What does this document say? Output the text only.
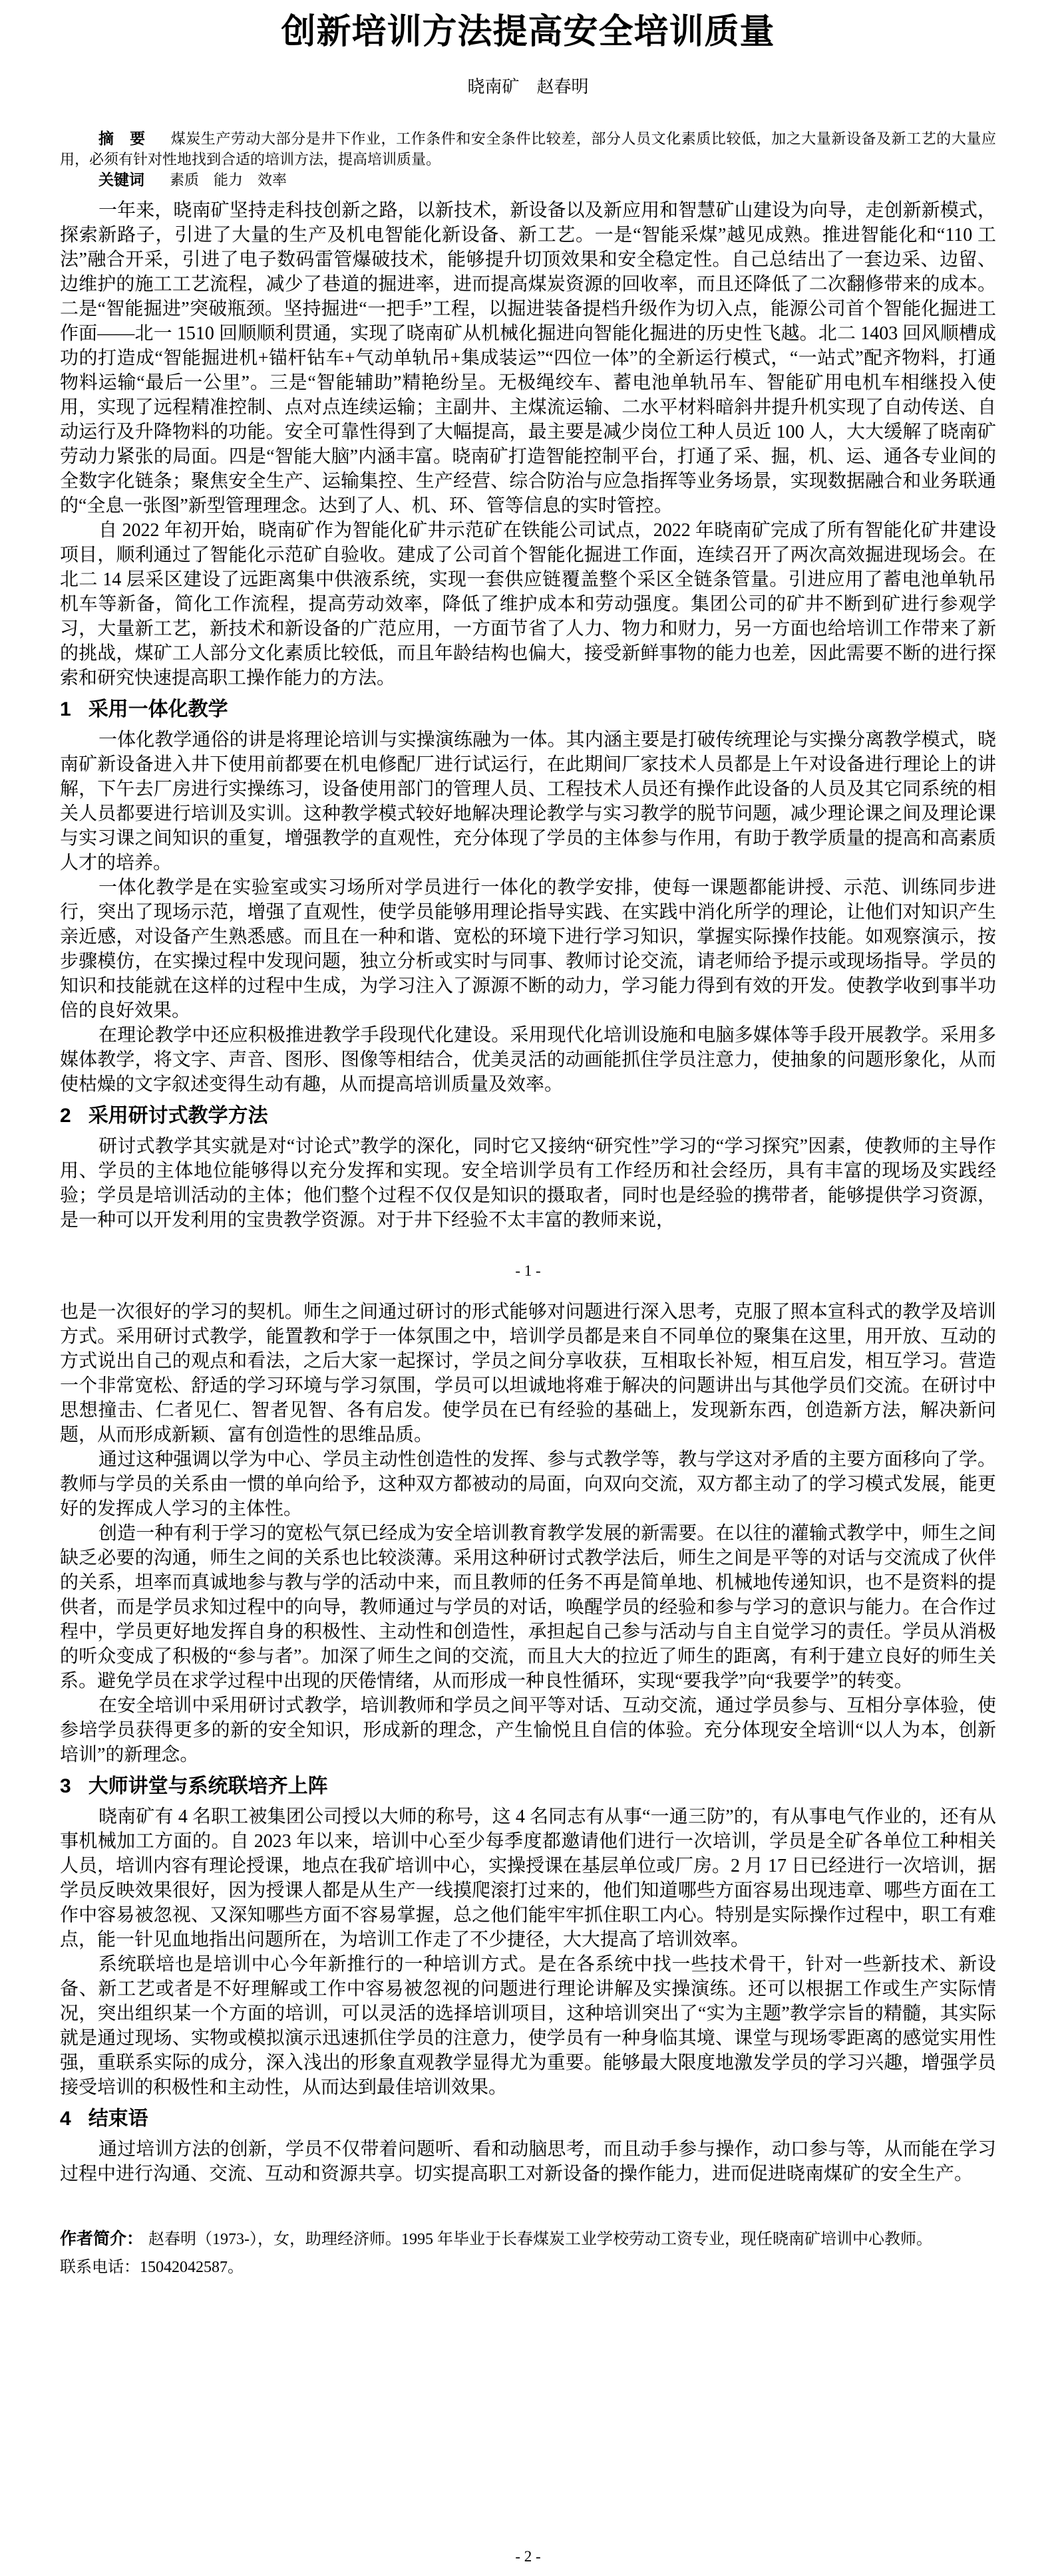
创新培训方法提高安全培训质量
晓南矿　赵春明

摘　要 煤炭生产劳动大部分是井下作业，工作条件和安全条件比较差，部分人员文化素质比较低，加之大量新设备及新工艺的大量应用，必须有针对性地找到合适的培训方法，提高培训质量。

关键词 素质　能力　效率

一年来，晓南矿坚持走科技创新之路，以新技术，新设备以及新应用和智慧矿山建设为向导，走创新新模式，探索新路子，引进了大量的生产及机电智能化新设备、新工艺。一是“智能采煤”越见成熟。推进智能化和“110 工法”融合开采，引进了电子数码雷管爆破技术，能够提升切顶效果和安全稳定性。自己总结出了一套边采、边留、边维护的施工工艺流程，减少了巷道的掘进率，进而提高煤炭资源的回收率，而且还降低了二次翻修带来的成本。二是“智能掘进”突破瓶颈。坚持掘进“一把手”工程，以掘进装备提档升级作为切入点，能源公司首个智能化掘进工作面——北一 1510 回顺顺利贯通，实现了晓南矿从机械化掘进向智能化掘进的历史性飞越。北二 1403 回风顺槽成功的打造成“智能掘进机+锚杆钻车+气动单轨吊+集成装运”“四位一体”的全新运行模式，“一站式”配齐物料，打通物料运输“最后一公里”。三是“智能辅助”精艳纷呈。无极绳绞车、蓄电池单轨吊车、智能矿用电机车相继投入使用，实现了远程精准控制、点对点连续运输；主副井、主煤流运输、二水平材料暗斜井提升机实现了自动传送、自动运行及升降物料的功能。安全可靠性得到了大幅提高，最主要是减少岗位工种人员近 100 人，大大缓解了晓南矿劳动力紧张的局面。四是“智能大脑”内涵丰富。晓南矿打造智能控制平台，打通了采、掘，机、运、通各专业间的全数字化链条；聚焦安全生产、运输集控、生产经营、综合防治与应急指挥等业务场景，实现数据融合和业务联通的“全息一张图”新型管理理念。达到了人、机、环、管等信息的实时管控。

自 2022 年初开始，晓南矿作为智能化矿井示范矿在铁能公司试点，2022 年晓南矿完成了所有智能化矿井建设项目，顺利通过了智能化示范矿自验收。建成了公司首个智能化掘进工作面，连续召开了两次高效掘进现场会。在北二 14 层采区建设了远距离集中供液系统，实现一套供应链覆盖整个采区全链条管量。引进应用了蓄电池单轨吊机车等新备，简化工作流程，提高劳动效率，降低了维护成本和劳动强度。集团公司的矿井不断到矿进行参观学习，大量新工艺，新技术和新设备的广范应用，一方面节省了人力、物力和财力，另一方面也给培训工作带来了新的挑战，煤矿工人部分文化素质比较低，而且年龄结构也偏大，接受新鲜事物的能力也差，因此需要不断的进行探索和研究快速提高职工操作能力的方法。

1 采用一体化教学

一体化教学通俗的讲是将理论培训与实操演练融为一体。其内涵主要是打破传统理论与实操分离教学模式，晓南矿新设备进入井下使用前都要在机电修配厂进行试运行，在此期间厂家技术人员都是上午对设备进行理论上的讲解，下午去厂房进行实操练习，设备使用部门的管理人员、工程技术人员还有操作此设备的人员及其它同系统的相关人员都要进行培训及实训。这种教学模式较好地解决理论教学与实习教学的脱节问题，减少理论课之间及理论课与实习课之间知识的重复，增强教学的直观性，充分体现了学员的主体参与作用，有助于教学质量的提高和高素质人才的培养。

一体化教学是在实验室或实习场所对学员进行一体化的教学安排，使每一课题都能讲授、示范、训练同步进行，突出了现场示范，增强了直观性，使学员能够用理论指导实践、在实践中消化所学的理论，让他们对知识产生亲近感，对设备产生熟悉感。而且在一种和谐、宽松的环境下进行学习知识，掌握实际操作技能。如观察演示，按步骤模仿，在实操过程中发现问题，独立分析或实时与同事、教师讨论交流，请老师给予提示或现场指导。学员的知识和技能就在这样的过程中生成，为学习注入了源源不断的动力，学习能力得到有效的开发。使教学收到事半功倍的良好效果。

在理论教学中还应积极推进教学手段现代化建设。采用现代化培训设施和电脑多媒体等手段开展教学。采用多媒体教学，将文字、声音、图形、图像等相结合，优美灵活的动画能抓住学员注意力，使抽象的问题形象化，从而使枯燥的文字叙述变得生动有趣，从而提高培训质量及效率。

2 采用研讨式教学方法

研讨式教学其实就是对“讨论式”教学的深化，同时它又接纳“研究性”学习的“学习探究”因素，使教师的主导作用、学员的主体地位能够得以充分发挥和实现。安全培训学员有工作经历和社会经历，具有丰富的现场及实践经验；学员是培训活动的主体；他们整个过程不仅仅是知识的摄取者，同时也是经验的携带者，能够提供学习资源，是一种可以开发利用的宝贵教学资源。对于井下经验不太丰富的教师来说，

- 1 -

也是一次很好的学习的契机。师生之间通过研讨的形式能够对问题进行深入思考，克服了照本宣科式的教学及培训方式。采用研讨式教学，能置教和学于一体氛围之中，培训学员都是来自不同单位的聚集在这里，用开放、互动的方式说出自己的观点和看法，之后大家一起探讨，学员之间分享收获，互相取长补短，相互启发，相互学习。营造一个非常宽松、舒适的学习环境与学习氛围，学员可以坦诚地将难于解决的问题讲出与其他学员们交流。在研讨中思想撞击、仁者见仁、智者见智、各有启发。使学员在已有经验的基础上，发现新东西，创造新方法，解决新问题，从而形成新颖、富有创造性的思维品质。

通过这种强调以学为中心、学员主动性创造性的发挥、参与式教学等，教与学这对矛盾的主要方面移向了学。教师与学员的关系由一惯的单向给予，这种双方都被动的局面，向双向交流，双方都主动了的学习模式发展，能更好的发挥成人学习的主体性。

创造一种有利于学习的宽松气氛已经成为安全培训教育教学发展的新需要。在以往的灌输式教学中，师生之间缺乏必要的沟通，师生之间的关系也比较淡薄。采用这种研讨式教学法后，师生之间是平等的对话与交流成了伙伴的关系，坦率而真诚地参与教与学的活动中来，而且教师的任务不再是简单地、机械地传递知识，也不是资料的提供者，而是学员求知过程中的向导，教师通过与学员的对话，唤醒学员的经验和参与学习的意识与能力。在合作过程中，学员更好地发挥自身的积极性、主动性和创造性，承担起自己参与活动与自主自觉学习的责任。学员从消极的听众变成了积极的“参与者”。加深了师生之间的交流，而且大大的拉近了师生的距离，有利于建立良好的师生关系。避免学员在求学过程中出现的厌倦情绪，从而形成一种良性循环，实现“要我学”向“我要学”的转变。

在安全培训中采用研讨式教学，培训教师和学员之间平等对话、互动交流，通过学员参与、互相分享体验，使参培学员获得更多的新的安全知识，形成新的理念，产生愉悦且自信的体验。充分体现安全培训“以人为本，创新培训”的新理念。

3 大师讲堂与系统联培齐上阵

晓南矿有 4 名职工被集团公司授以大师的称号，这 4 名同志有从事“一通三防”的，有从事电气作业的，还有从事机械加工方面的。自 2023 年以来，培训中心至少每季度都邀请他们进行一次培训，学员是全矿各单位工种相关人员，培训内容有理论授课，地点在我矿培训中心，实操授课在基层单位或厂房。2 月 17 日已经进行一次培训，据学员反映效果很好，因为授课人都是从生产一线摸爬滚打过来的，他们知道哪些方面容易出现违章、哪些方面在工作中容易被忽视、又深知哪些方面不容易掌握，总之他们能牢牢抓住职工内心。特别是实际操作过程中，职工有难点，能一针见血地指出问题所在，为培训工作走了不少捷径，大大提高了培训效率。

系统联培也是培训中心今年新推行的一种培训方式。是在各系统中找一些技术骨干，针对一些新技术、新设备、新工艺或者是不好理解或工作中容易被忽视的问题进行理论讲解及实操演练。还可以根据工作或生产实际情况，突出组织某一个方面的培训，可以灵活的选择培训项目，这种培训突出了“实为主题”教学宗旨的精髓，其实际就是通过现场、实物或模拟演示迅速抓住学员的注意力，使学员有一种身临其境、课堂与现场零距离的感觉实用性强，重联系实际的成分，深入浅出的形象直观教学显得尤为重要。能够最大限度地激发学员的学习兴趣，增强学员接受培训的积极性和主动性，从而达到最佳培训效果。

4 结束语

通过培训方法的创新，学员不仅带着问题听、看和动脑思考，而且动手参与操作，动口参与等，从而能在学习过程中进行沟通、交流、互动和资源共享。切实提高职工对新设备的操作能力，进而促进晓南煤矿的安全生产。

作者简介： 赵春明（1973-），女，助理经济师。1995 年毕业于长春煤炭工业学校劳动工资专业，现任晓南矿培训中心教师。

联系电话：15042042587。

- 2 -
